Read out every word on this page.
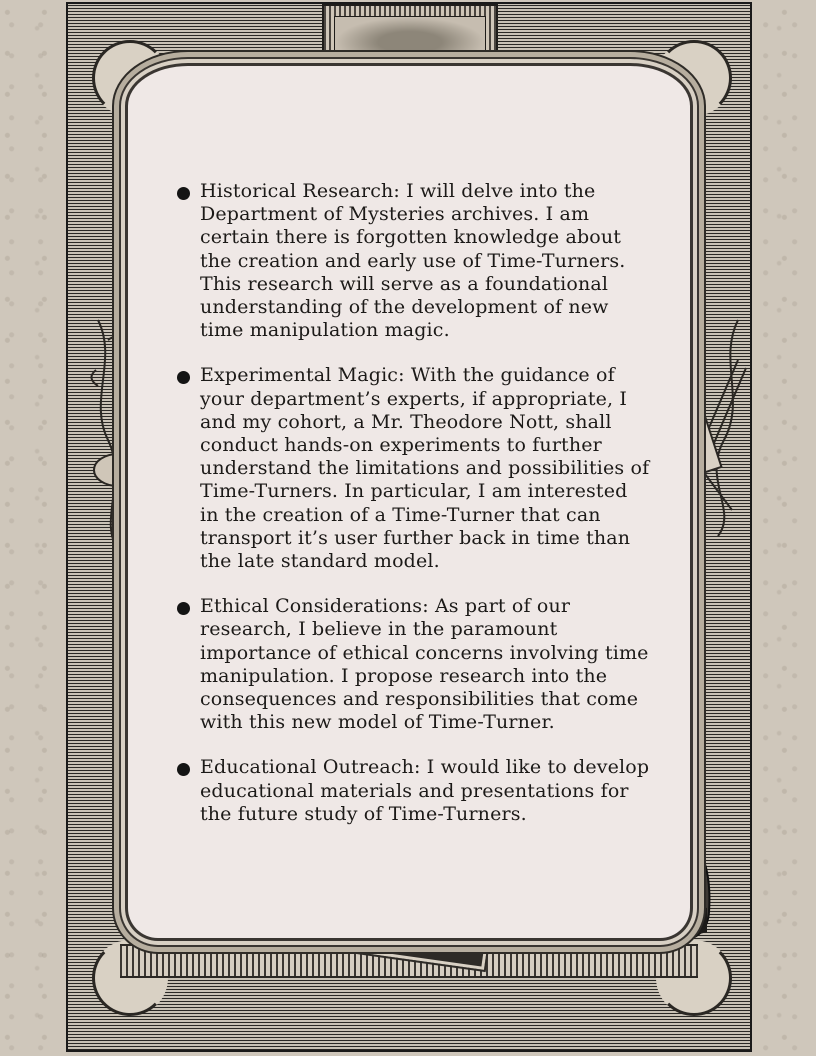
Historical Research: I will delve into the Department of Mysteries archives. I am certain there is forgotten knowledge about the creation and early use of Time-Turners. This research will serve as a foundational understanding of the development of new time manipulation magic.
Experimental Magic: With the guidance of your department’s experts, if appropriate, I and my cohort, a Mr. Theodore Nott, shall conduct hands-on experiments to further understand the limitations and possibilities of Time-Turners. In particular, I am interested in the creation of a Time-Turner that can transport it’s user further back in time than the late standard model.
Ethical Considerations: As part of our research, I believe in the paramount importance of ethical concerns involving time manipulation. I propose research into the consequences and responsibilities that come with this new model of Time-Turner.
Educational Outreach: I would like to develop educational materials and presentations for the future study of Time-Turners.
